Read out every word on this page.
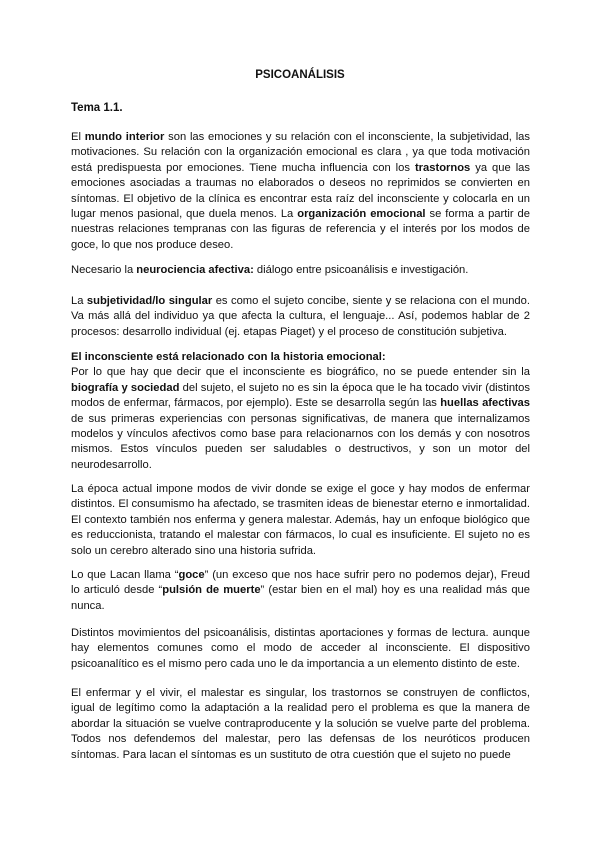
PSICOANÁLISIS
Tema 1.1.

El mundo interior son las emociones y su relación con el inconsciente, la subjetividad, las motivaciones. Su relación con la organización emocional es clara , ya que toda motivación está predispuesta por emociones. Tiene mucha influencia con los trastornos ya que las emociones asociadas a traumas no elaborados o deseos no reprimidos se convierten en síntomas. El objetivo de la clínica es encontrar esta raíz del inconsciente y colocarla en un lugar menos pasional, que duela menos. La organización emocional se forma a partir de nuestras relaciones tempranas con las figuras de referencia y el interés por los modos de goce, lo que nos produce deseo.

Necesario la neurociencia afectiva: diálogo entre psicoanálisis e investigación.

La subjetividad/lo singular es como el sujeto concibe, siente y se relaciona con el mundo. Va más allá del individuo ya que afecta la cultura, el lenguaje... Así, podemos hablar de 2 procesos: desarrollo individual (ej. etapas Piaget) y el proceso de constitución subjetiva.

El inconsciente está relacionado con la historia emocional:
Por lo que hay que decir que el inconsciente es biográfico, no se puede entender sin la biografía y sociedad del sujeto, el sujeto no es sin la época que le ha tocado vivir (distintos modos de enfermar, fármacos, por ejemplo). Este se desarrolla según las huellas afectivas de sus primeras experiencias con personas significativas, de manera que internalizamos modelos y vínculos afectivos como base para relacionarnos con los demás y con nosotros mismos. Estos vínculos pueden ser saludables o destructivos, y son un motor del neurodesarrollo.

La época actual impone modos de vivir donde se exige el goce y hay modos de enfermar distintos. El consumismo ha afectado, se trasmiten ideas de bienestar eterno e inmortalidad. El contexto también nos enferma y genera malestar. Además, hay un enfoque biológico que es reduccionista, tratando el malestar con fármacos, lo cual es insuficiente. El sujeto no es solo un cerebro alterado sino una historia sufrida.

Lo que Lacan llama “goce” (un exceso que nos hace sufrir pero no podemos dejar), Freud lo articuló desde “pulsión de muerte” (estar bien en el mal) hoy es una realidad más que nunca.

Distintos movimientos del psicoanálisis, distintas aportaciones y formas de lectura. aunque hay elementos comunes como el modo de acceder al inconsciente. El dispositivo psicoanalítico es el mismo pero cada uno le da importancia a un elemento distinto de este.

El enfermar y el vivir, el malestar es singular, los trastornos se construyen de conflictos, igual de legítimo como la adaptación a la realidad pero el problema es que la manera de abordar la situación se vuelve contraproducente y la solución se vuelve parte del problema. Todos nos defendemos del malestar, pero las defensas de los neuróticos producen síntomas. Para lacan el síntomas es un sustituto de otra cuestión que el sujeto no puede
